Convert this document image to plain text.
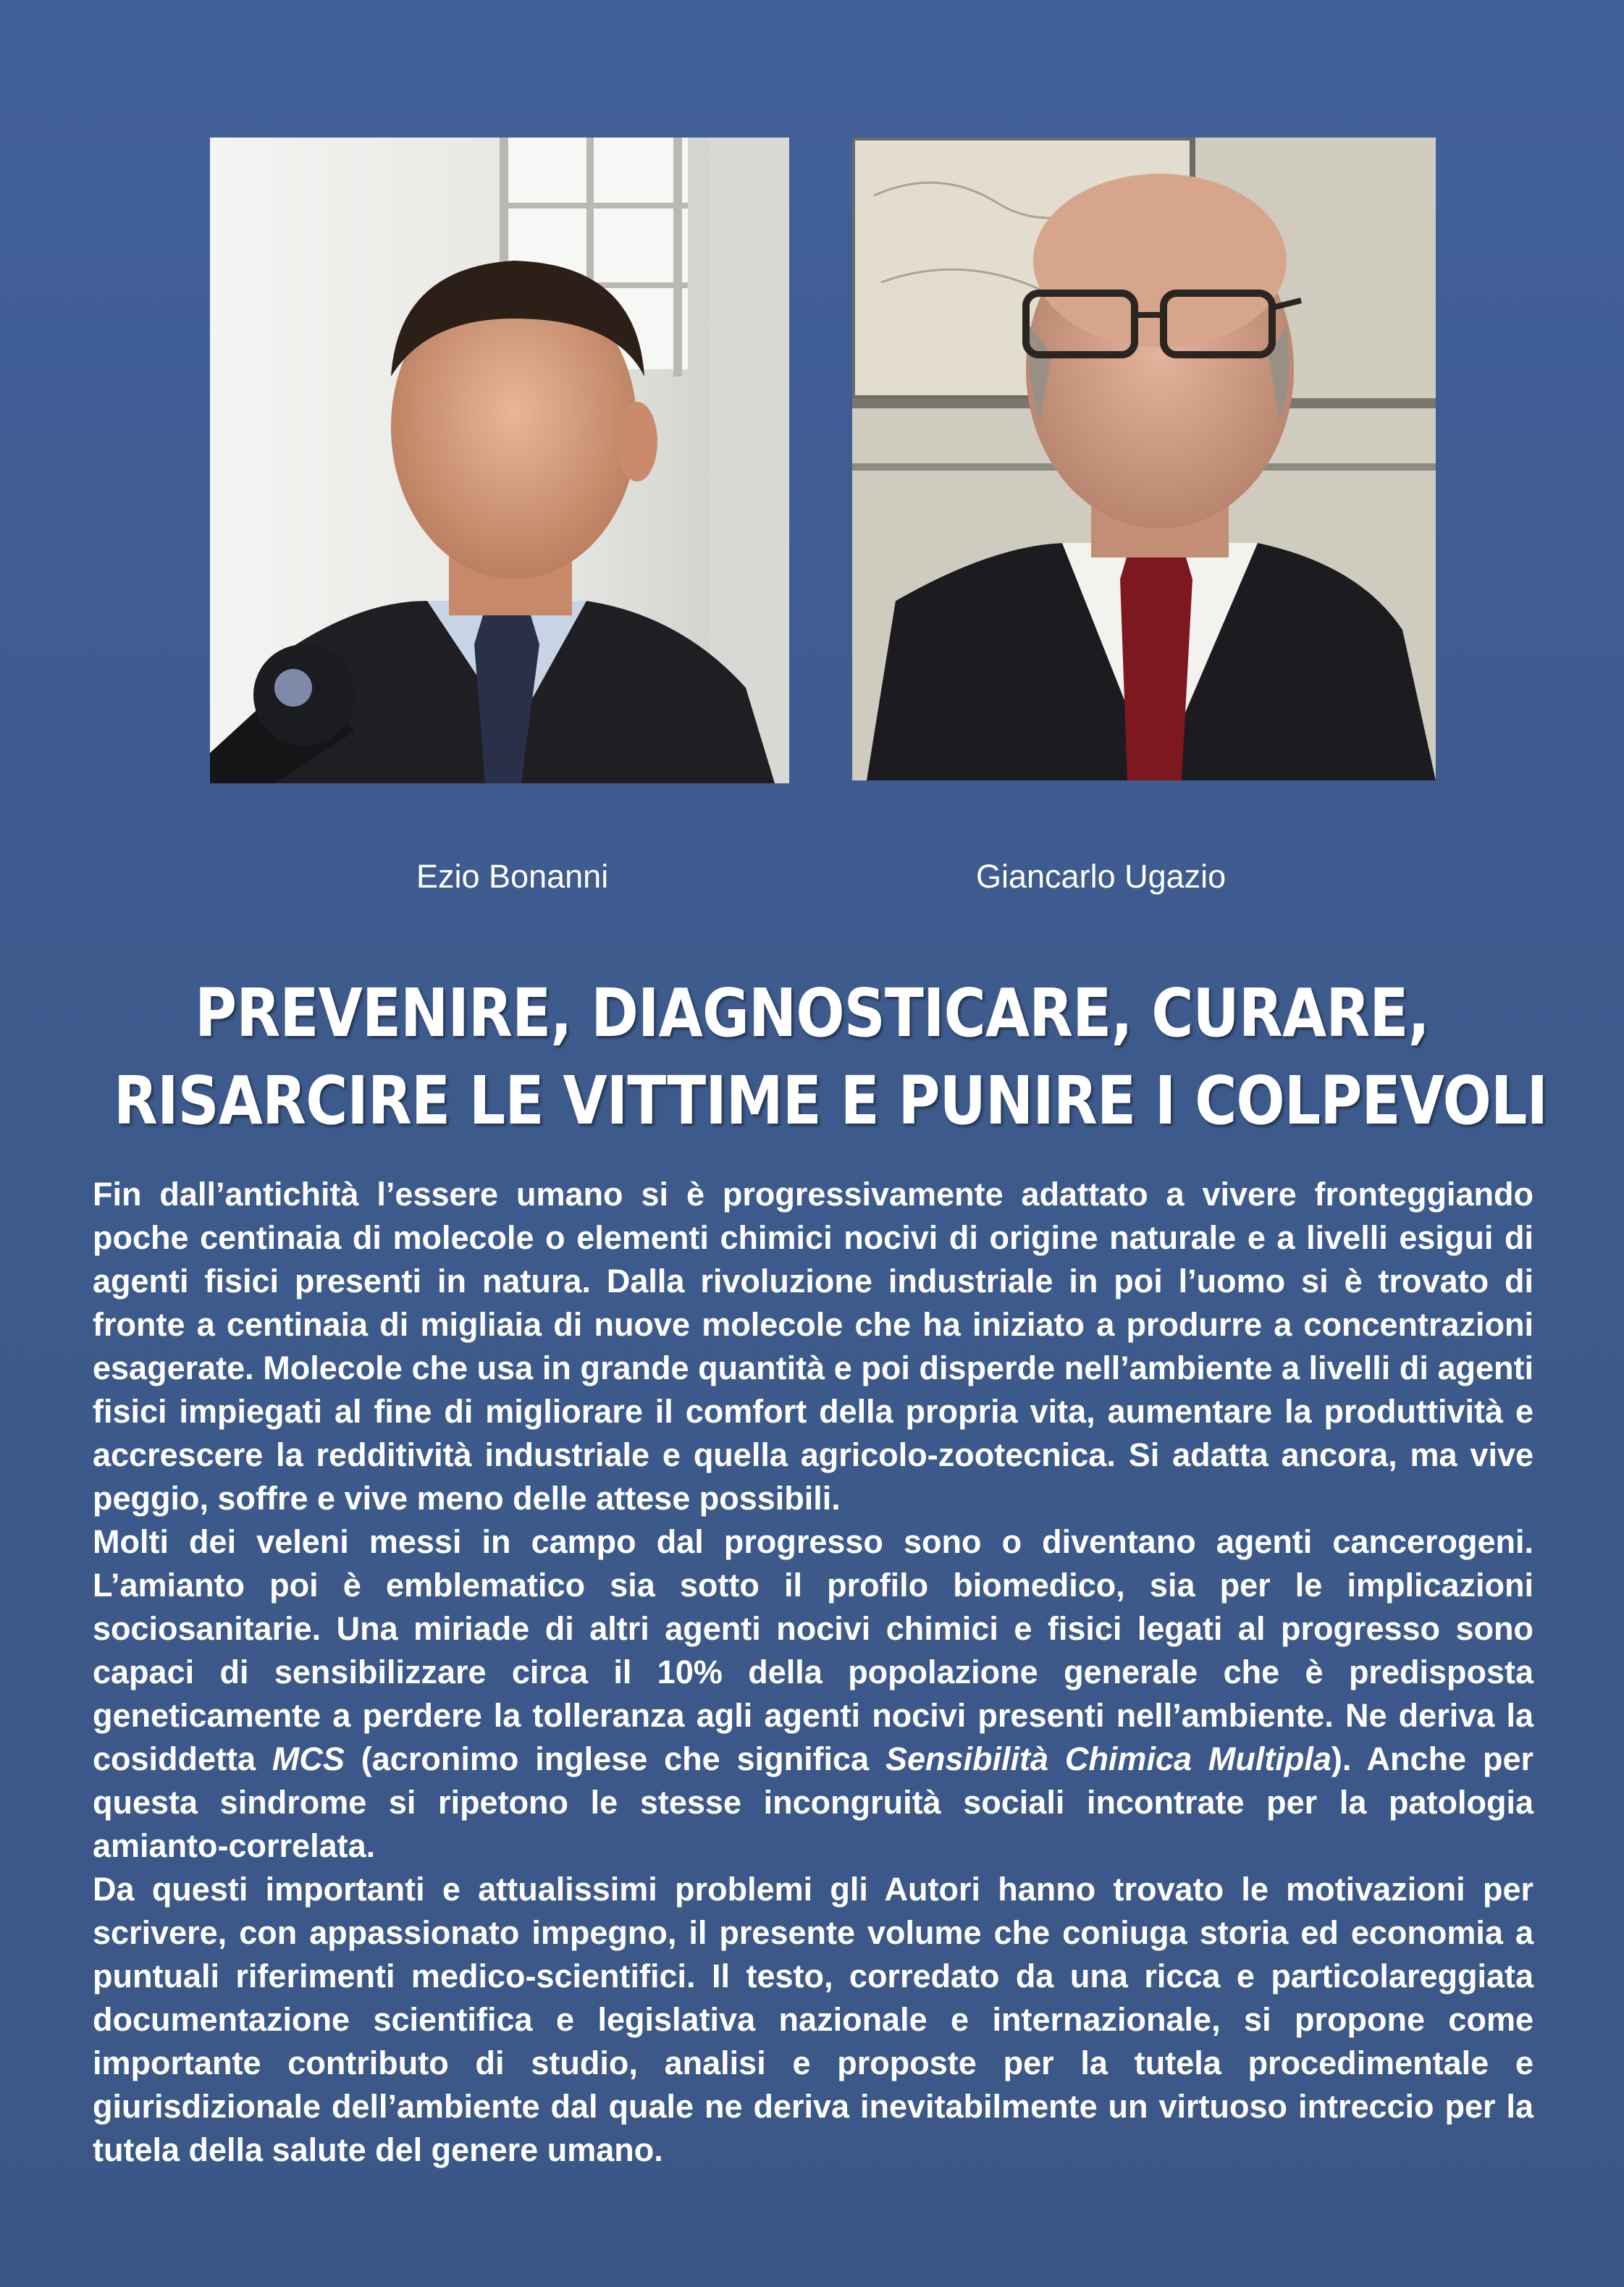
Ezio Bonanni	Giancarlo Ugazio
PREVENIRE, DIAGNOSTICARE, CURARE,
RISARCIRE LE VITTIME E PUNIRE I COLPEVOLI

Fin dall’antichità l’essere umano si è progressivamente adattato a vivere fronteggiando poche centinaia di molecole o elementi chimici nocivi di origine naturale e a livelli esigui di agenti fisici presenti in natura. Dalla rivoluzione industriale in poi l’uomo si è trovato di fronte a centinaia di migliaia di nuove molecole che ha iniziato a produrre a concentrazioni esagerate. Molecole che usa in grande quantità e poi disperde nell’ambiente a livelli di agenti fisici impiegati al fine di migliorare il comfort della propria vita, aumentare la produttività e accrescere la redditività industriale e quella agricolo-zootecnica. Si adatta ancora, ma vive peggio, soffre e vive meno delle attese possibili.

Molti dei veleni messi in campo dal progresso sono o diventano agenti cancerogeni. L’amianto poi è emblematico sia sotto il profilo biomedico, sia per le implicazioni sociosanitarie. Una miriade di altri agenti nocivi chimici e fisici legati al progresso sono capaci di sensibilizzare circa il 10% della popolazione generale che è predisposta geneticamente a perdere la tolleranza agli agenti nocivi presenti nell’ambiente. Ne deriva la cosiddetta MCS (acronimo inglese che significa Sensibilità Chimica Multipla). Anche per questa sindrome si ripetono le stesse incongruità sociali incontrate per la patologia amianto-correlata.

Da questi importanti e attualissimi problemi gli Autori hanno trovato le motivazioni per scrivere, con appassionato impegno, il presente volume che coniuga storia ed economia a puntuali riferimenti medico-scientifici. Il testo, corredato da una ricca e particolareggiata documentazione scientifica e legislativa nazionale e internazionale, si propone come importante contributo di studio, analisi e proposte per la tutela procedimentale e giurisdizionale dell’ambiente dal quale ne deriva inevitabilmente un virtuoso intreccio per la tutela della salute del genere umano.
